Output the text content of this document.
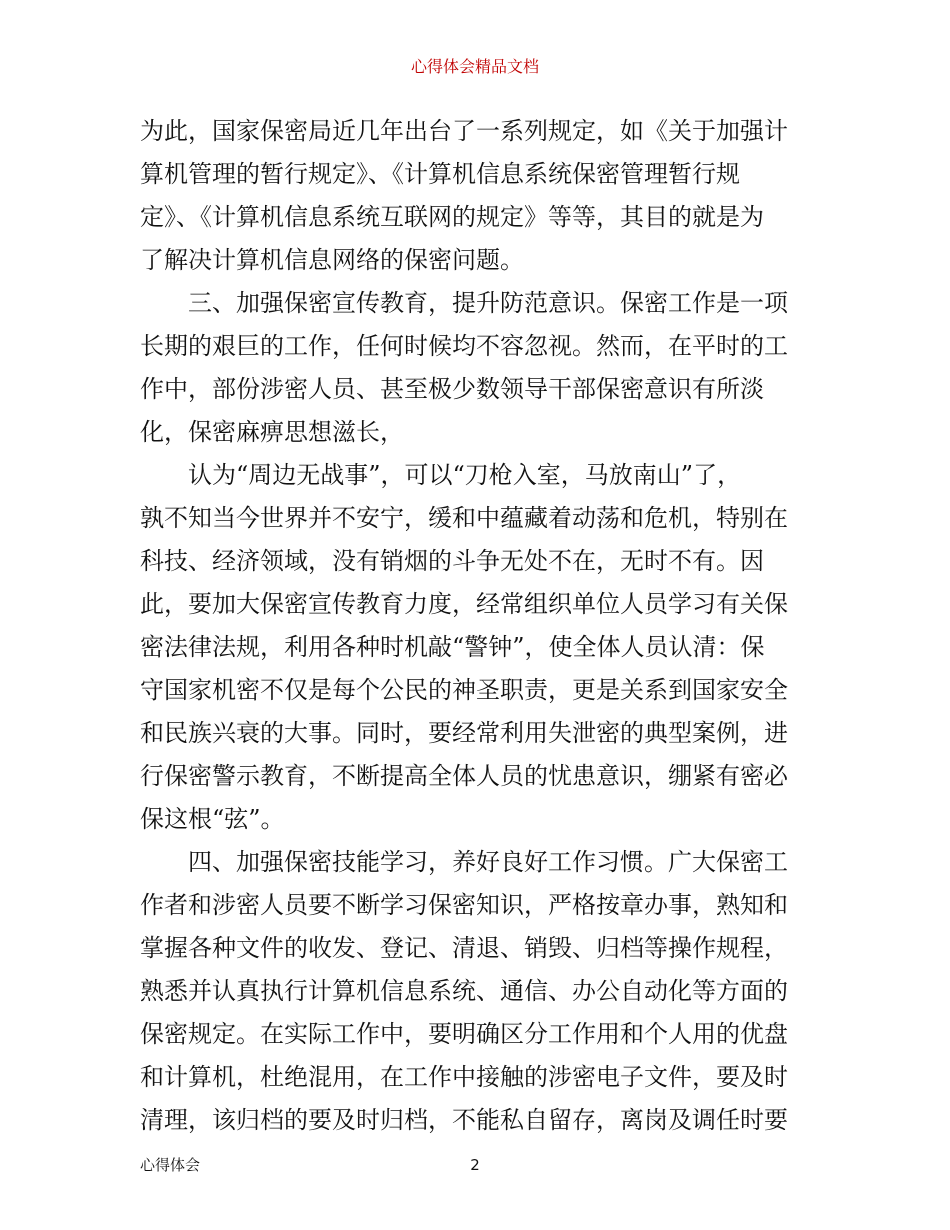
心得体会精品文档
为此，国家保密局近几年出台了一系列规定，如《关于加强计
算机管理的暂行规定》、《计算机信息系统保密管理暂行规
定》、《计算机信息系统互联网的规定》等等，其目的就是为
了解决计算机信息网络的保密问题。
三、加强保密宣传教育，提升防范意识。保密工作是一项
长期的艰巨的工作，任何时候均不容忽视。然而，在平时的工
作中，部份涉密人员、甚至极少数领导干部保密意识有所淡
化，保密麻痹思想滋长，
认为“周边无战事”，可以“刀枪入室，马放南山”了，
孰不知当今世界并不安宁，缓和中蕴藏着动荡和危机，特别在
科技、经济领域，没有销烟的斗争无处不在，无时不有。因
此，要加大保密宣传教育力度，经常组织单位人员学习有关保
密法律法规，利用各种时机敲“警钟”，使全体人员认清：保
守国家机密不仅是每个公民的神圣职责，更是关系到国家安全
和民族兴衰的大事。同时，要经常利用失泄密的典型案例，进
行保密警示教育，不断提高全体人员的忧患意识，绷紧有密必
保这根“弦”。
四、加强保密技能学习，养好良好工作习惯。广大保密工
作者和涉密人员要不断学习保密知识，严格按章办事，熟知和
掌握各种文件的收发、登记、清退、销毁、归档等操作规程，
熟悉并认真执行计算机信息系统、通信、办公自动化等方面的
保密规定。在实际工作中，要明确区分工作用和个人用的优盘
和计算机，杜绝混用，在工作中接触的涉密电子文件，要及时
清理，该归档的要及时归档，不能私自留存，离岗及调任时要
心得体会	2
